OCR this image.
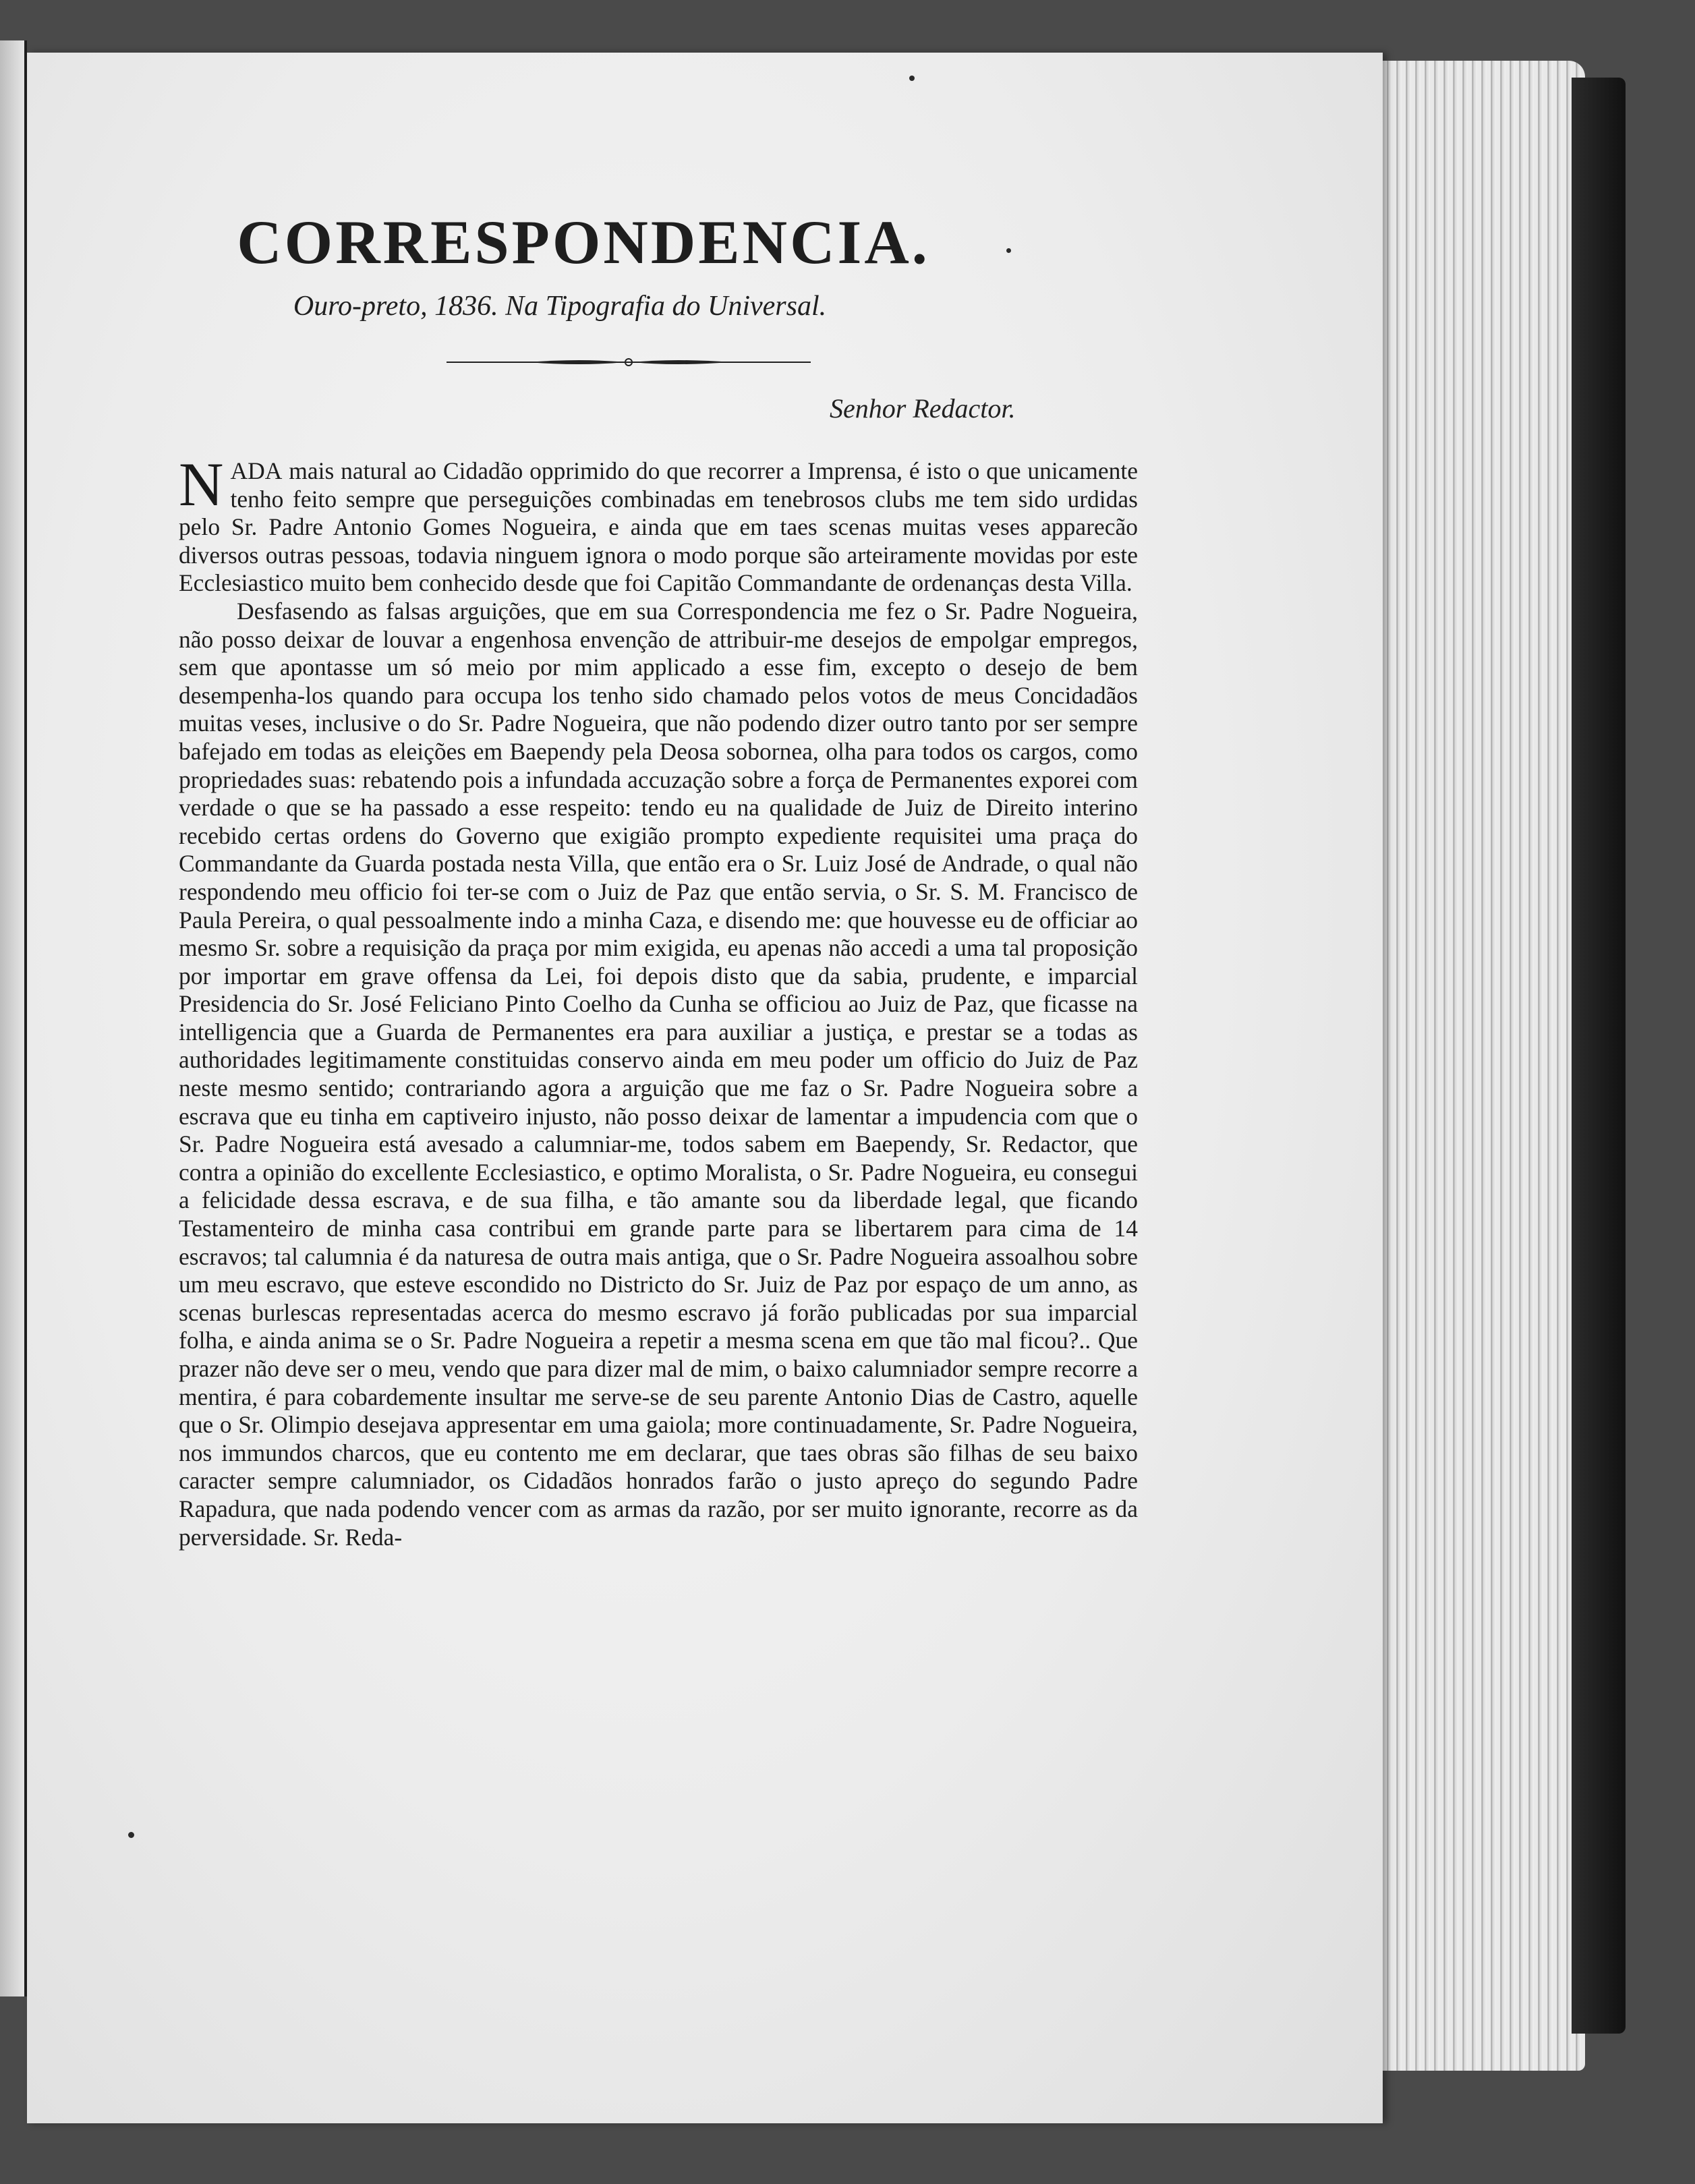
CORRESPONDENCIA.
Ouro-preto, 1836. Na Tipografia do Universal.
Senhor Redactor.

NADA mais natural ao Cidadão opprimido do que recorrer a Imprensa, é isto o que unicamente tenho feito sempre que perseguições combinadas em tenebrosos clubs me tem sido urdidas pelo Sr. Padre Antonio Gomes Nogueira, e ainda que em taes scenas muitas veses apparecão diversos outras pessoas, todavia ninguem ignora o modo porque são arteiramente movidas por este Ecclesiastico muito bem conhecido desde que foi Capitão Commandante de ordenanças desta Villa.

Desfasendo as falsas arguições, que em sua Correspondencia me fez o Sr. Padre Nogueira, não posso deixar de louvar a engenhosa envenção de attribuir-me desejos de empolgar empregos, sem que apontasse um só meio por mim applicado a esse fim, excepto o desejo de bem desempenha-los quando para occupa los tenho sido chamado pelos votos de meus Concidadãos muitas veses, inclusive o do Sr. Padre Nogueira, que não podendo dizer outro tanto por ser sempre bafejado em todas as eleições em Baependy pela Deosa sobornea, olha para todos os cargos, como propriedades suas: rebatendo pois a infundada accuzação sobre a força de Permanentes exporei com verdade o que se ha passado a esse respeito: tendo eu na qualidade de Juiz de Direito interino recebido certas ordens do Governo que exigião prompto expediente requisitei uma praça do Commandante da Guarda postada nesta Villa, que então era o Sr. Luiz José de Andrade, o qual não respondendo meu officio foi ter-se com o Juiz de Paz que então servia, o Sr. S. M. Francisco de Paula Pereira, o qual pessoalmente indo a minha Caza, e disendo me: que houvesse eu de officiar ao mesmo Sr. sobre a requisição da praça por mim exigida, eu apenas não accedi a uma tal proposição por importar em grave offensa da Lei, foi depois disto que da sabia, prudente, e imparcial Presidencia do Sr. José Feliciano Pinto Coelho da Cunha se officiou ao Juiz de Paz, que ficasse na intelligencia que a Guarda de Permanentes era para auxiliar a justiça, e prestar se a todas as authoridades legitimamente constituidas conservo ainda em meu poder um officio do Juiz de Paz neste mesmo sentido; contrariando agora a arguição que me faz o Sr. Padre Nogueira sobre a escrava que eu tinha em captiveiro injusto, não posso deixar de lamentar a impudencia com que o Sr. Padre Nogueira está avesado a calumniar-me, todos sabem em Baependy, Sr. Redactor, que contra a opinião do excellente Ecclesiastico, e optimo Moralista, o Sr. Padre Nogueira, eu consegui a felicidade dessa escrava, e de sua filha, e tão amante sou da liberdade legal, que ficando Testamenteiro de minha casa contribui em grande parte para se libertarem para cima de 14 escravos; tal calumnia é da naturesa de outra mais antiga, que o Sr. Padre Nogueira assoalhou sobre um meu escravo, que esteve escondido no Districto do Sr. Juiz de Paz por espaço de um anno, as scenas burlescas representadas acerca do mesmo escravo já forão publicadas por sua imparcial folha, e ainda anima se o Sr. Padre Nogueira a repetir a mesma scena em que tão mal ficou?.. Que prazer não deve ser o meu, vendo que para dizer mal de mim, o baixo calumniador sempre recorre a mentira, é para cobardemente insultar me serve-se de seu parente Antonio Dias de Castro, aquelle que o Sr. Olimpio desejava appresentar em uma gaiola; more continuadamente, Sr. Padre Nogueira, nos immundos charcos, que eu contento me em declarar, que taes obras são filhas de seu baixo caracter sempre calumniador, os Cidadãos honrados farão o justo apreço do segundo Padre Rapadura, que nada podendo vencer com as armas da razão, por ser muito ignorante, recorre as da perversidade. Sr. Reda-
